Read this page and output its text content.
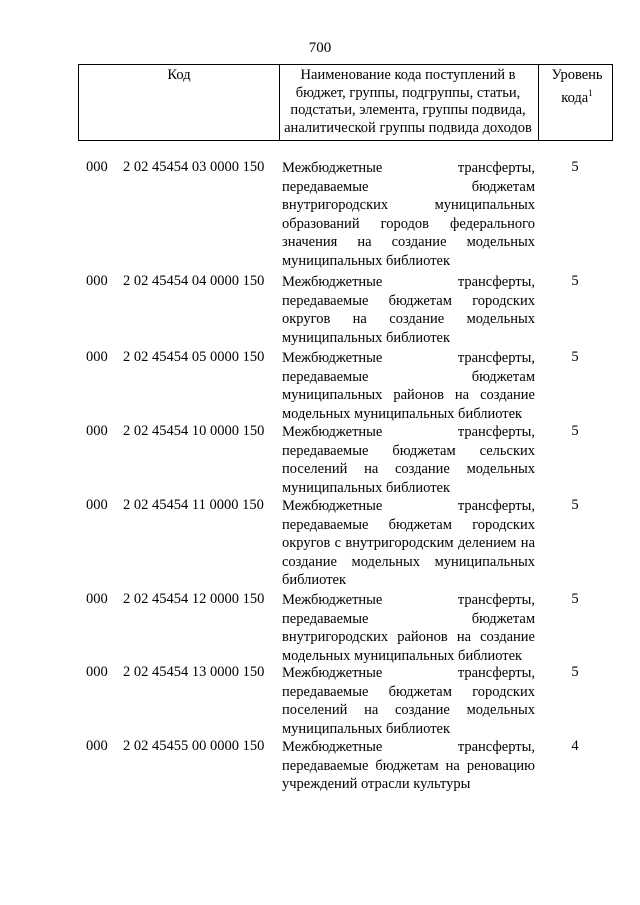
700
Код	Наименование кода поступлений в бюджет, группы, подгруппы, статьи, подстатьи, элемента, группы подвида, аналитической группы подвида доходов
Уровень кода$^1$
000 2 02 45454 03 0000 150 Межбюджетные трансферты, передаваемые бюджетам внутригородских муниципальных образований городов федерального значения на создание модельных муниципальных библиотек
5
000 2 02 45454 04 0000 150 Межбюджетные трансферты, передаваемые бюджетам городских округов на создание модельных муниципальных библиотек
5
000 2 02 45454 05 0000 150 Межбюджетные трансферты, передаваемые бюджетам муниципальных районов на создание модельных муниципальных библиотек
5
000 2 02 45454 10 0000 150 Межбюджетные трансферты, передаваемые бюджетам сельских поселений на создание модельных муниципальных библиотек
5
000 2 02 45454 11 0000 150 Межбюджетные трансферты, передаваемые бюджетам городских округов с внутригородским делением на создание модельных муниципальных библиотек
5
000 2 02 45454 12 0000 150 Межбюджетные трансферты, передаваемые бюджетам внутригородских районов на создание модельных муниципальных библиотек
5
000 2 02 45454 13 0000 150 Межбюджетные трансферты, передаваемые бюджетам городских поселений на создание модельных муниципальных библиотек
5
000 2 02 45455 00 0000 150 Межбюджетные трансферты, передаваемые бюджетам на реновацию учреждений отрасли культуры
4
